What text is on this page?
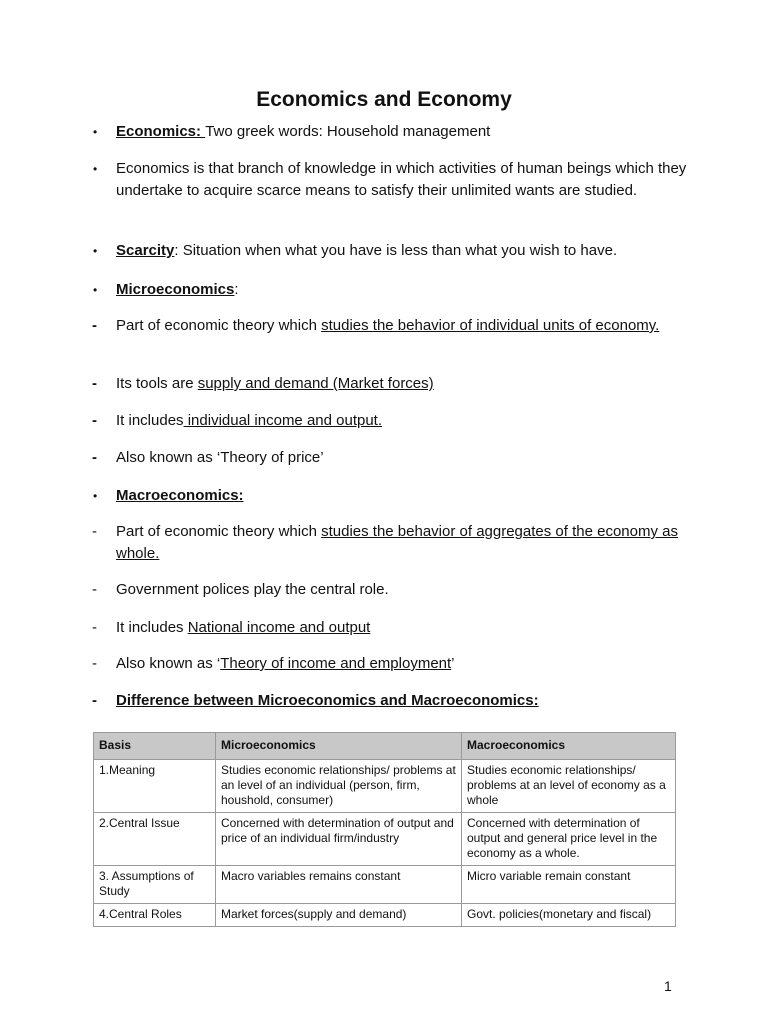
Economics and Economy
•	Economics: Two greek words: Household management
•	Economics is that branch of knowledge in which activities of human beings which they undertake to acquire scarce means to satisfy their unlimited wants are studied.
•	Scarcity: Situation when what you have is less than what you wish to have.
•	Microeconomics:
-	Part of economic theory which studies the behavior of individual units of economy.
-	Its tools are supply and demand (Market forces)
-	It includes individual income and output.
-	Also known as ‘Theory of price’
•	Macroeconomics:
-	Part of economic theory which studies the behavior of aggregates of the economy as whole.
-	Government polices play the central role.
-	It includes National income and output
-	Also known as ‘Theory of income and employment’
-	Difference between Microeconomics and Macroeconomics:
Basis	Microeconomics	Macroeconomics
1.Meaning	Studies economic relationships/ problems at an level of an individual (person, firm, houshold, consumer)	Studies economic relationships/ problems at an level of economy as a whole
2.Central Issue	Concerned with determination of output and price of an individual firm/industry	Concerned with determination of output and general price level in the economy as a whole.
3. Assumptions of Study	Macro variables remains constant	Micro variable remain constant
4.Central Roles	Market forces(supply and demand)	Govt. policies(monetary and fiscal)
1
